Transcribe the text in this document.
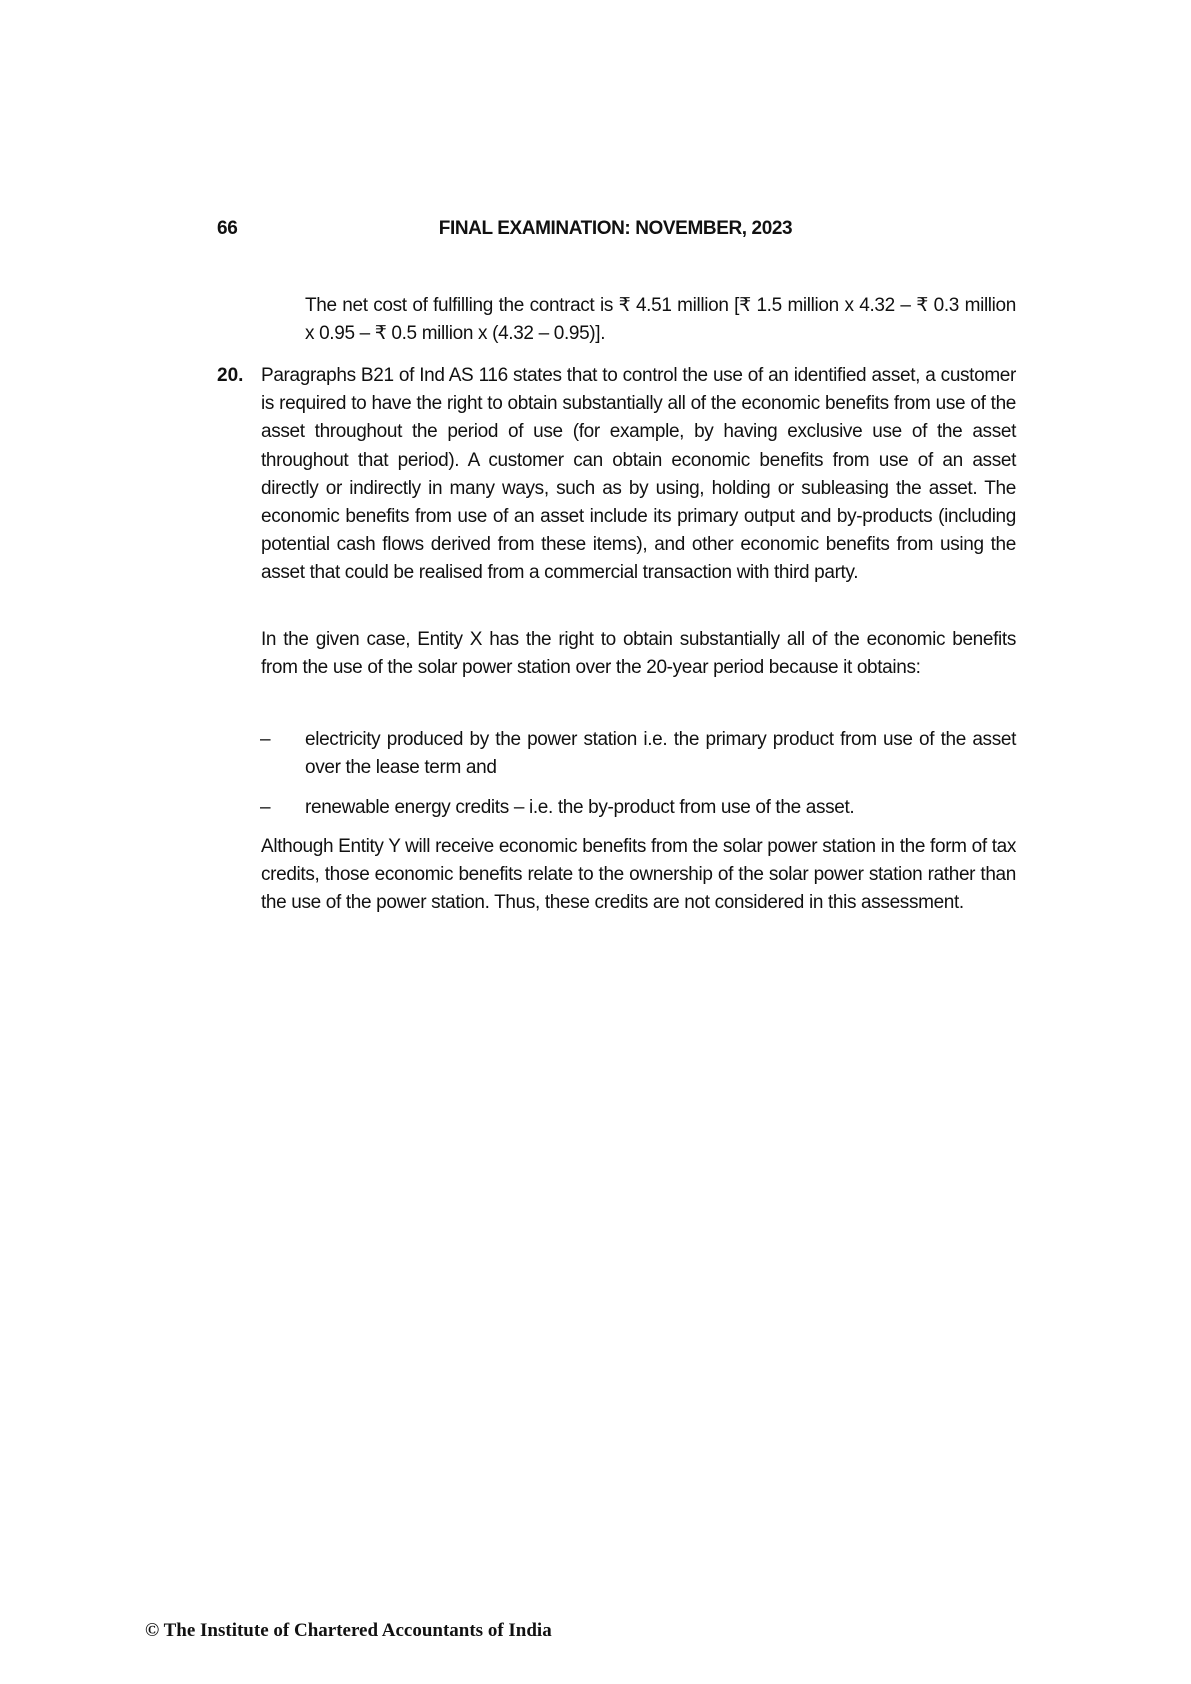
66	FINAL EXAMINATION: NOVEMBER, 2023

The net cost of fulfilling the contract is ₹ 4.51 million [₹ 1.5 million x 4.32 – ₹ 0.3 million x 0.95 – ₹ 0.5 million x (4.32 – 0.95)].

20. Paragraphs B21 of Ind AS 116 states that to control the use of an identified asset, a customer is required to have the right to obtain substantially all of the economic benefits from use of the asset throughout the period of use (for example, by having exclusive use of the asset throughout that period). A customer can obtain economic benefits from use of an asset directly or indirectly in many ways, such as by using, holding or subleasing the asset. The economic benefits from use of an asset include its primary output and by-products (including potential cash flows derived from these items), and other economic benefits from using the asset that could be realised from a commercial transaction with third party.

In the given case, Entity X has the right to obtain substantially all of the economic benefits from the use of the solar power station over the 20-year period because it obtains:

– electricity produced by the power station i.e. the primary product from use of the asset over the lease term and

– renewable energy credits – i.e. the by-product from use of the asset.

Although Entity Y will receive economic benefits from the solar power station in the form of tax credits, those economic benefits relate to the ownership of the solar power station rather than the use of the power station. Thus, these credits are not considered in this assessment.

© The Institute of Chartered Accountants of India
